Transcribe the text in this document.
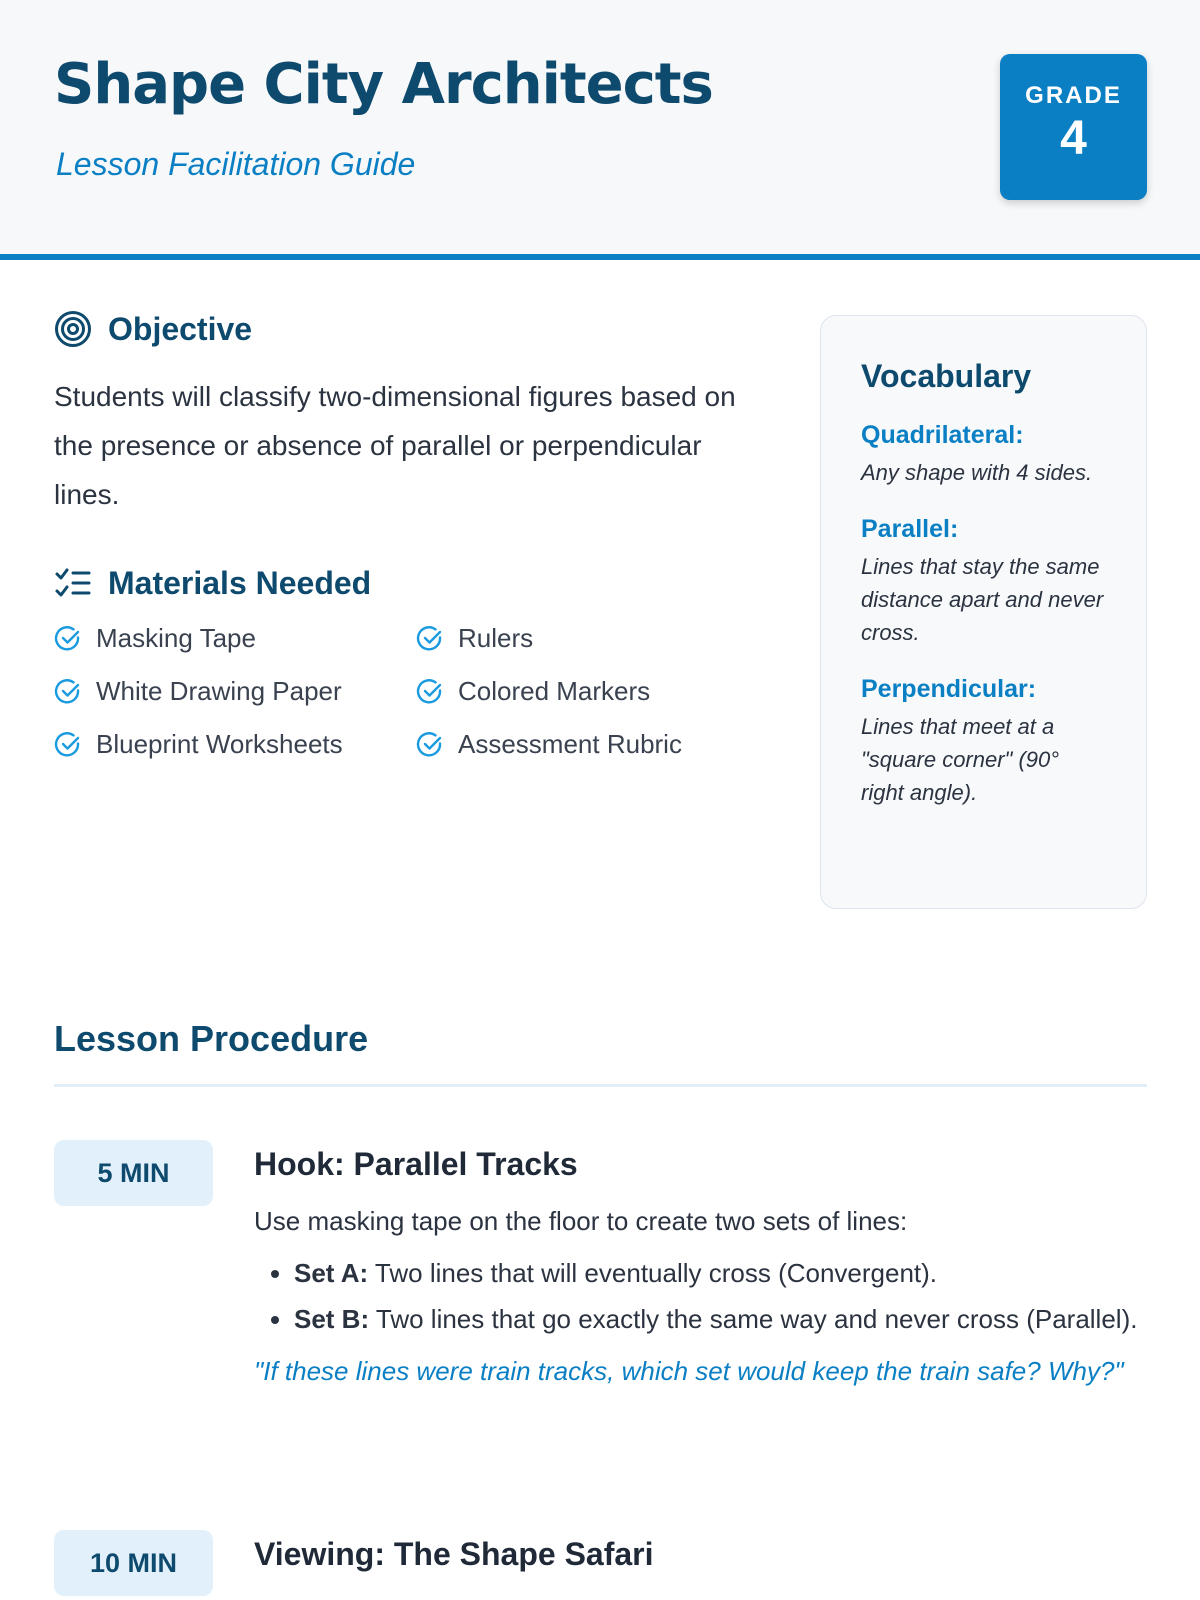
Shape City Architects
Lesson Facilitation Guide
GRADE
4
Objective
Students will classify two-dimensional figures based on the presence or absence of parallel or perpendicular lines.
Materials Needed
Masking Tape	Rulers
White Drawing Paper	Colored Markers
Blueprint Worksheets	Assessment Rubric
Vocabulary
Quadrilateral:
Any shape with 4 sides.
Parallel:
Lines that stay the same distance apart and never cross.
Perpendicular:
Lines that meet at a "square corner" (90° right angle).
Lesson Procedure
5 MIN	Hook: Parallel Tracks
Use masking tape on the floor to create two sets of lines:
• Set A: Two lines that will eventually cross (Convergent).
• Set B: Two lines that go exactly the same way and never cross (Parallel).
"If these lines were train tracks, which set would keep the train safe? Why?"
10 MIN	Viewing: The Shape Safari
